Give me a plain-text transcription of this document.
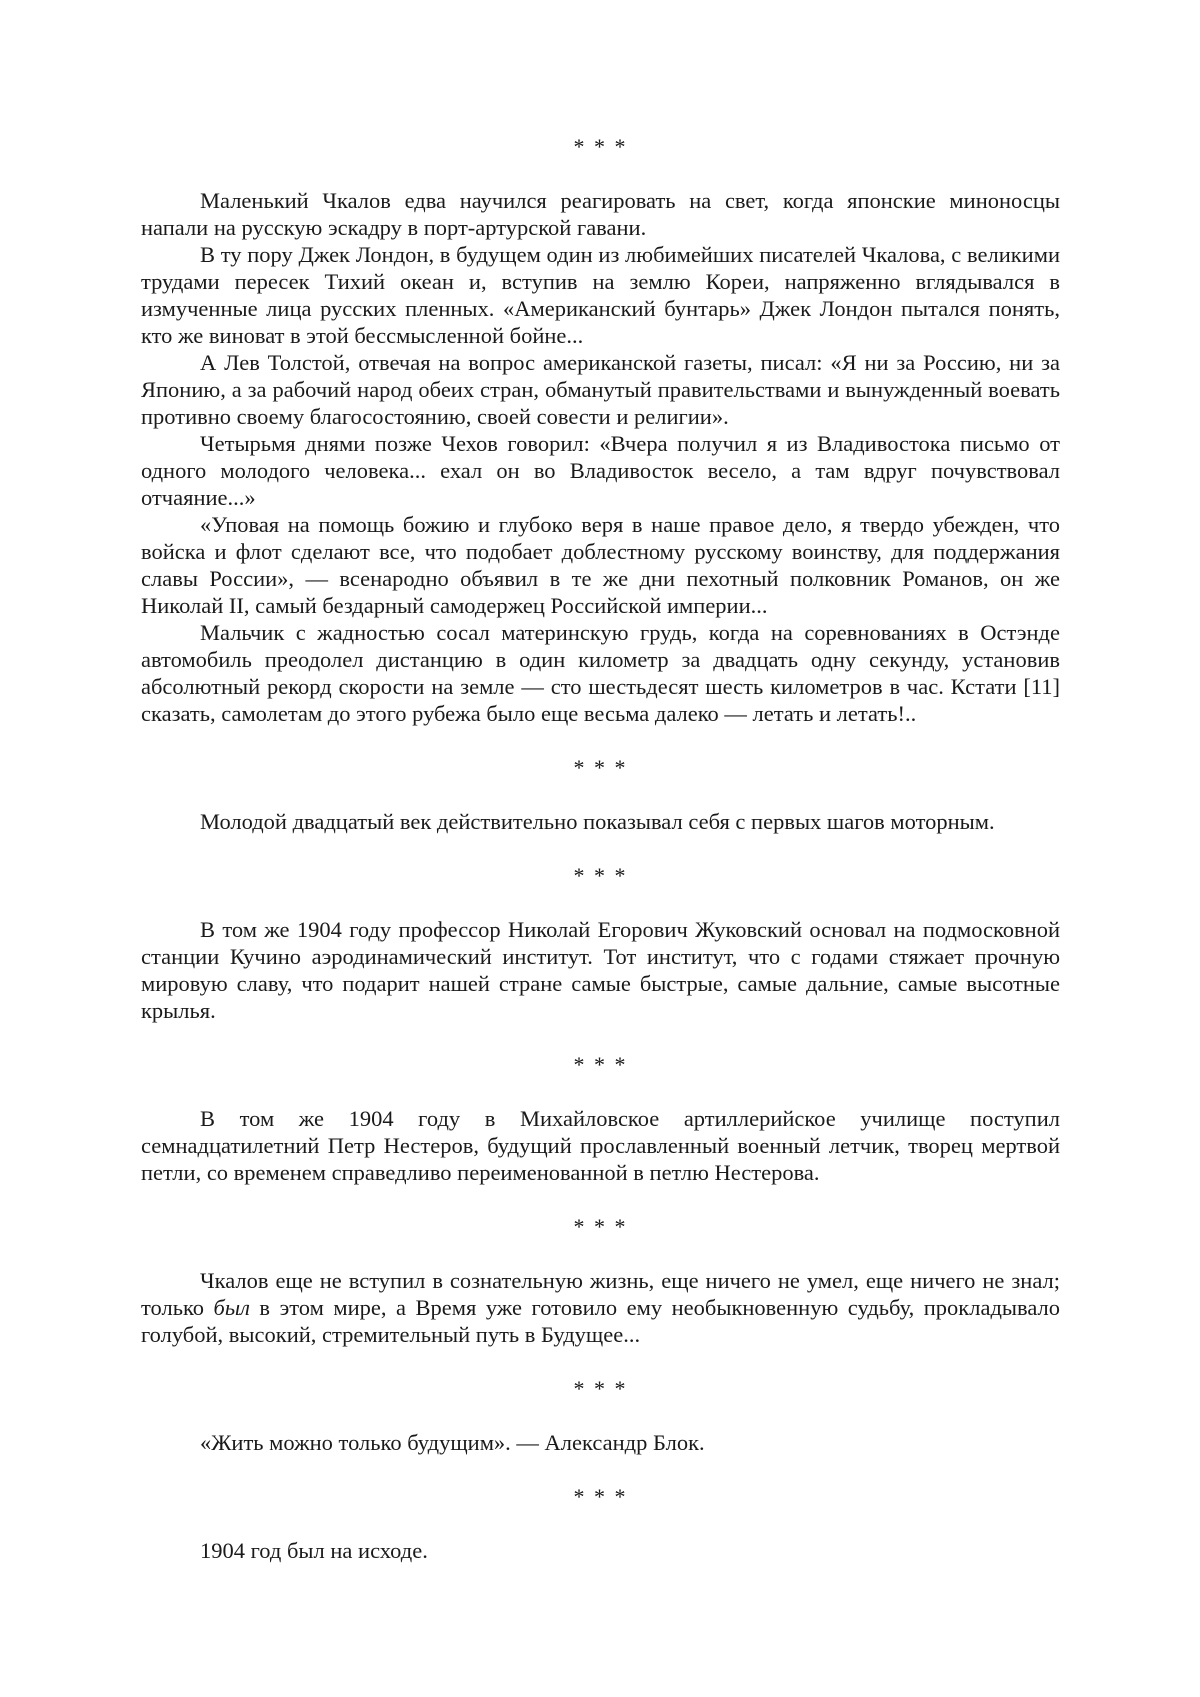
* * *

Маленький Чкалов едва научился реагировать на свет, когда японские миноносцы напали на русскую эскадру в порт-артурской гавани.

В ту пору Джек Лондон, в будущем один из любимейших писателей Чкалова, с великими трудами пересек Тихий океан и, вступив на землю Кореи, напряженно вглядывался в измученные лица русских пленных. «Американский бунтарь» Джек Лондон пытался понять, кто же виноват в этой бессмысленной бойне...

А Лев Толстой, отвечая на вопрос американской газеты, писал: «Я ни за Россию, ни за Японию, а за рабочий народ обеих стран, обманутый правительствами и вынужденный воевать противно своему благосостоянию, своей совести и религии».

Четырьмя днями позже Чехов говорил: «Вчера получил я из Владивостока письмо от одного молодого человека... ехал он во Владивосток весело, а там вдруг почувствовал отчаяние...»

«Уповая на помощь божию и глубоко веря в наше правое дело, я твердо убежден, что войска и флот сделают все, что подобает доблестному русскому воинству, для поддержания славы России», — всенародно объявил в те же дни пехотный полковник Романов, он же Николай II, самый бездарный самодержец Российской империи...

Мальчик с жадностью сосал материнскую грудь, когда на соревнованиях в Остэнде автомобиль преодолел дистанцию в один километр за двадцать одну секунду, установив абсолютный рекорд скорости на земле — сто шестьдесят шесть километров в час. Кстати [11] сказать, самолетам до этого рубежа было еще весьма далеко — летать и летать!..

* * *

Молодой двадцатый век действительно показывал себя с первых шагов моторным.

* * *

В том же 1904 году профессор Николай Егорович Жуковский основал на подмосковной станции Кучино аэродинамический институт. Тот институт, что с годами стяжает прочную мировую славу, что подарит нашей стране самые быстрые, самые дальние, самые высотные крылья.

* * *

В том же 1904 году в Михайловское артиллерийское училище поступил семнадцатилетний Петр Нестеров, будущий прославленный военный летчик, творец мертвой петли, со временем справедливо переименованной в петлю Нестерова.

* * *

Чкалов еще не вступил в сознательную жизнь, еще ничего не умел, еще ничего не знал; только был в этом мире, а Время уже готовило ему необыкновенную судьбу, прокладывало голубой, высокий, стремительный путь в Будущее...

* * *

«Жить можно только будущим». — Александр Блок.

* * *

1904 год был на исходе.
